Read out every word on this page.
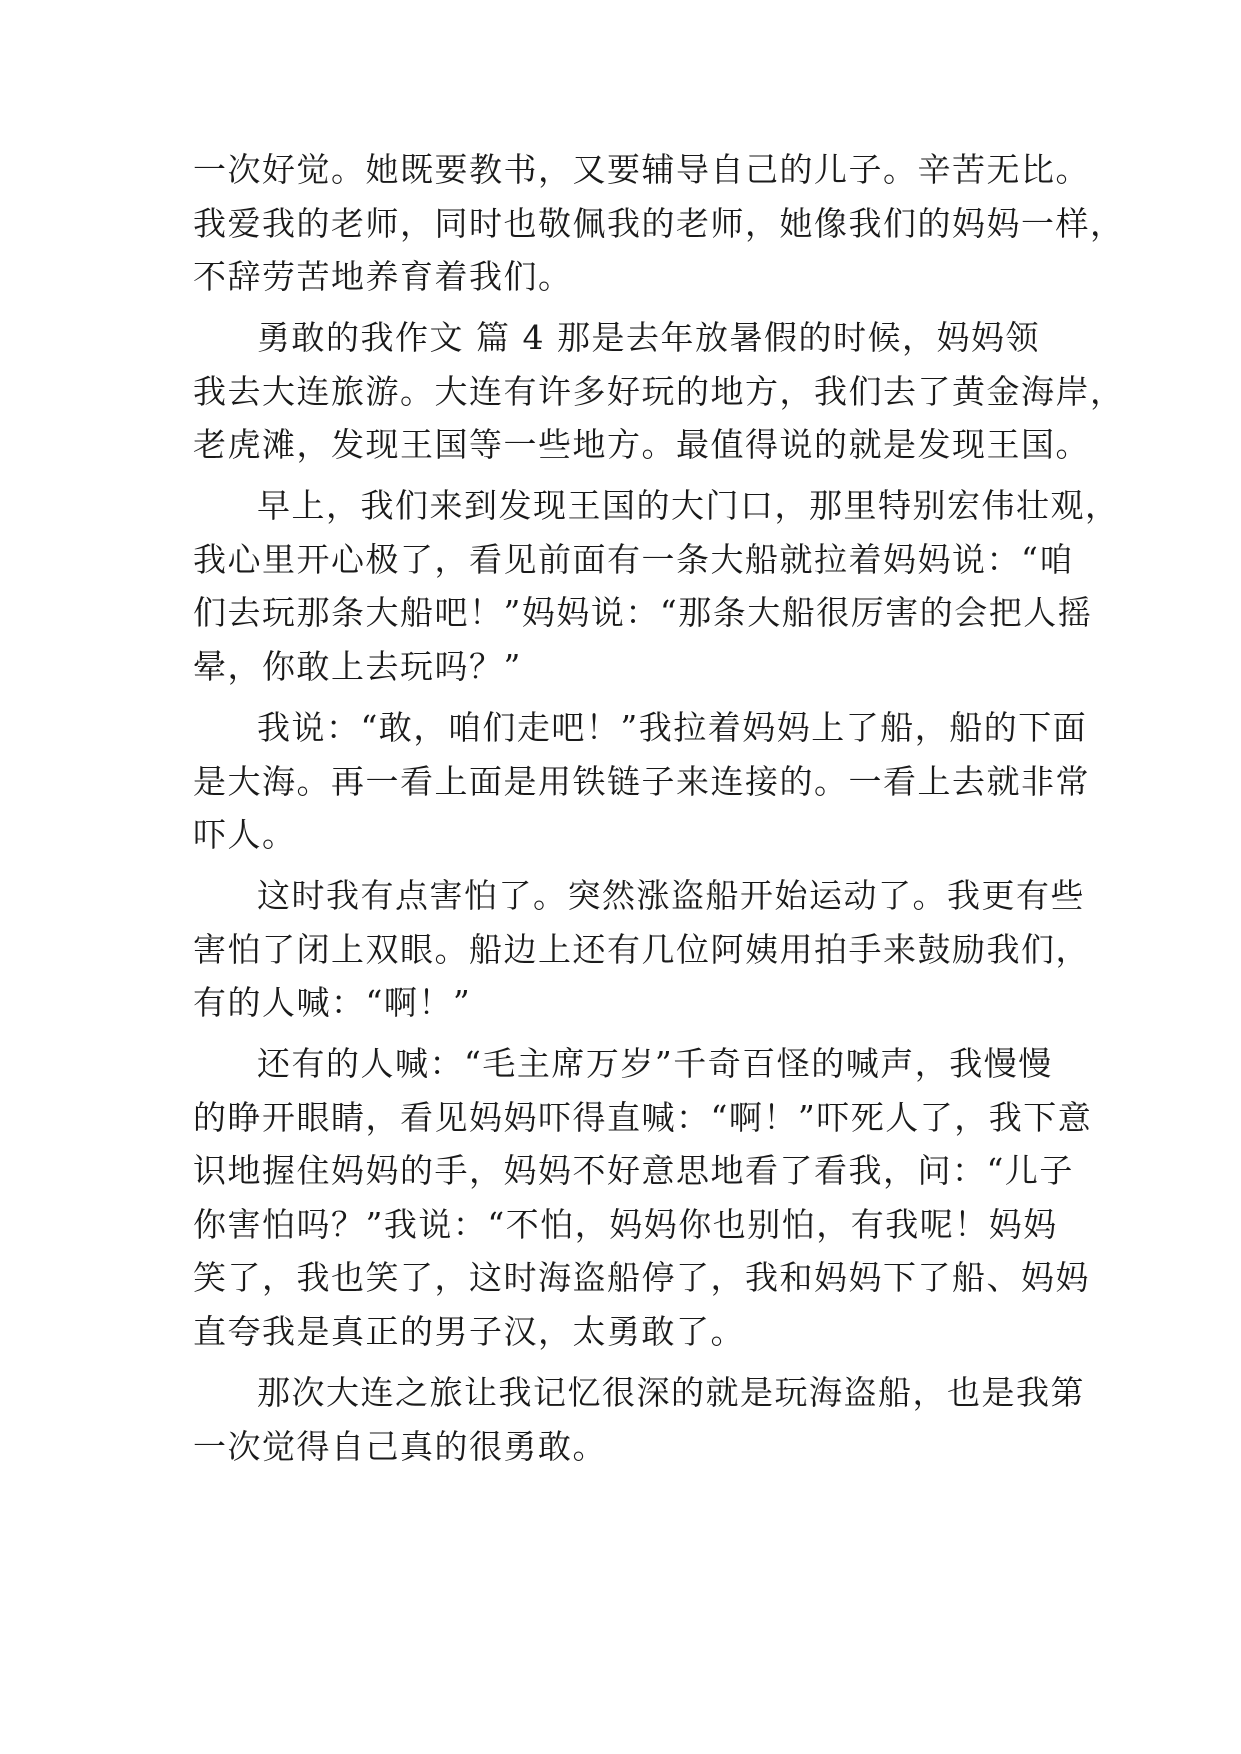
一次好觉。她既要教书，又要辅导自己的儿子。辛苦无比。

我爱我的老师，同时也敬佩我的老师，她像我们的妈妈一样，

不辞劳苦地养育着我们。

勇敢的我作文 篇 4 那是去年放暑假的时候，妈妈领

我去大连旅游。大连有许多好玩的地方，我们去了黄金海岸，

老虎滩，发现王国等一些地方。最值得说的就是发现王国。

早上，我们来到发现王国的大门口，那里特别宏伟壮观，

我心里开心极了，看见前面有一条大船就拉着妈妈说：“咱

们去玩那条大船吧！”妈妈说：“那条大船很厉害的会把人摇

晕，你敢上去玩吗？”

我说：“敢，咱们走吧！”我拉着妈妈上了船，船的下面

是大海。再一看上面是用铁链子来连接的。一看上去就非常

吓人。

这时我有点害怕了。突然涨盗船开始运动了。我更有些

害怕了闭上双眼。船边上还有几位阿姨用拍手来鼓励我们，

有的人喊：“啊！”

还有的人喊：“毛主席万岁”千奇百怪的喊声，我慢慢

的睁开眼睛，看见妈妈吓得直喊：“啊！”吓死人了，我下意

识地握住妈妈的手，妈妈不好意思地看了看我，问：“儿子

你害怕吗？”我说：“不怕，妈妈你也别怕，有我呢！妈妈

笑了，我也笑了，这时海盗船停了，我和妈妈下了船、妈妈

直夸我是真正的男子汉，太勇敢了。

那次大连之旅让我记忆很深的就是玩海盗船，也是我第

一次觉得自己真的很勇敢。
